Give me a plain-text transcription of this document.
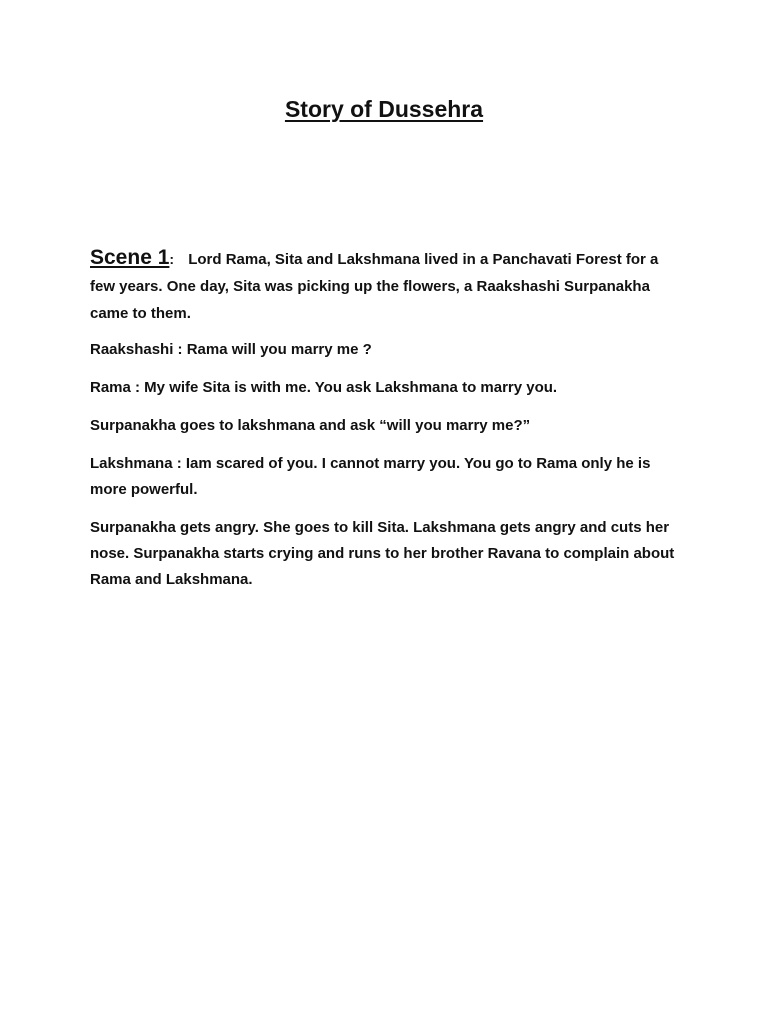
Story of Dussehra

Scene 1: Lord Rama, Sita and Lakshmana lived in a Panchavati Forest for a few years. One day, Sita was picking up the flowers, a Raakshashi Surpanakha came to them.

Raakshashi : Rama will you marry me ?

Rama : My wife Sita is with me. You ask Lakshmana to marry you.

Surpanakha goes to lakshmana and ask “will you marry me?”

Lakshmana : Iam scared of you. I cannot marry you. You go to Rama only he is more powerful.

Surpanakha gets angry. She goes to kill Sita. Lakshmana gets angry and cuts her nose. Surpanakha starts crying and runs to her brother Ravana to complain about Rama and Lakshmana.
